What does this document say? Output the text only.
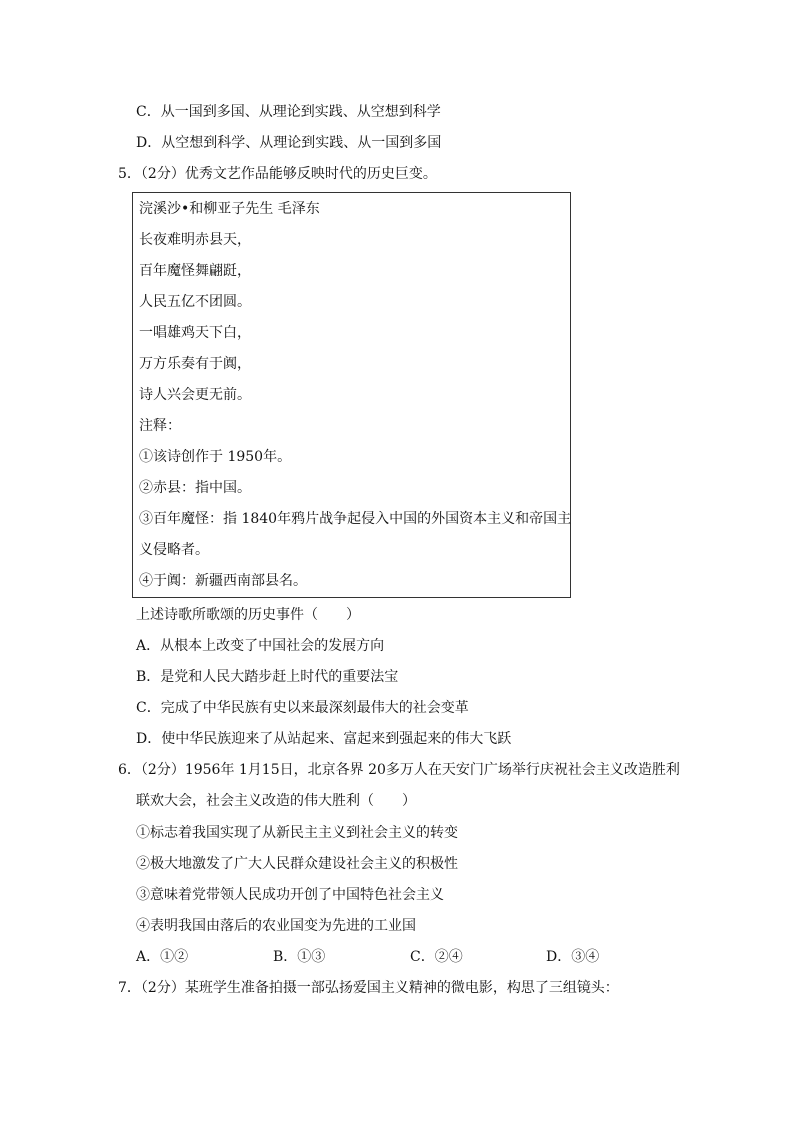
C．从一国到多国、从理论到实践、从空想到科学
D．从空想到科学、从理论到实践、从一国到多国
5．（2分）优秀文艺作品能够反映时代的历史巨变。
浣溪沙•和柳亚子先生 毛泽东
长夜难明赤县天，
百年魔怪舞翩跹，
人民五亿不团圆。
一唱雄鸡天下白，
万方乐奏有于阗，
诗人兴会更无前。
注释：
①该诗创作于 1950年。
②赤县：指中国。
③百年魔怪：指 1840年鸦片战争起侵入中国的外国资本主义和帝国主
义侵略者。
④于阗：新疆西南部县名。
上述诗歌所歌颂的历史事件（　　）
A．从根本上改变了中国社会的发展方向
B．是党和人民大踏步赶上时代的重要法宝
C．完成了中华民族有史以来最深刻最伟大的社会变革
D．使中华民族迎来了从站起来、富起来到强起来的伟大飞跃
6．（2分）1956年 1月15日，北京各界 20多万人在天安门广场举行庆祝社会主义改造胜利
联欢大会，社会主义改造的伟大胜利（　　）
①标志着我国实现了从新民主主义到社会主义的转变
②极大地激发了广大人民群众建设社会主义的积极性
③意味着党带领人民成功开创了中国特色社会主义
④表明我国由落后的农业国变为先进的工业国
A．①②	B．①③	C．②④	D．③④
7．（2分）某班学生准备拍摄一部弘扬爱国主义精神的微电影，构思了三组镜头：
